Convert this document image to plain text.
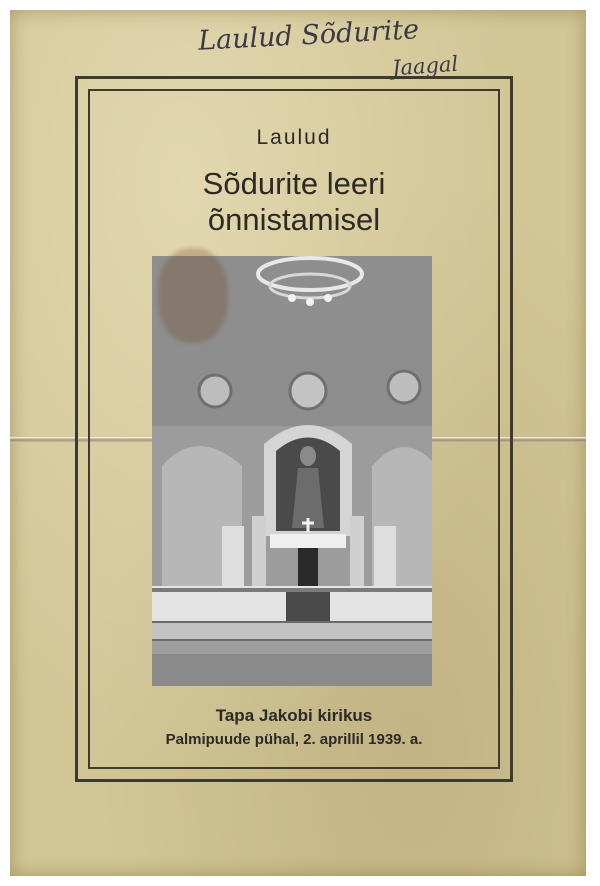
Laulud Sõdurite
Jaagal
Laulud
Sõdurite leeri
õnnistamisel
Tapa Jakobi kirikus
Palmipuude pühal, 2. aprillil 1939. a.
